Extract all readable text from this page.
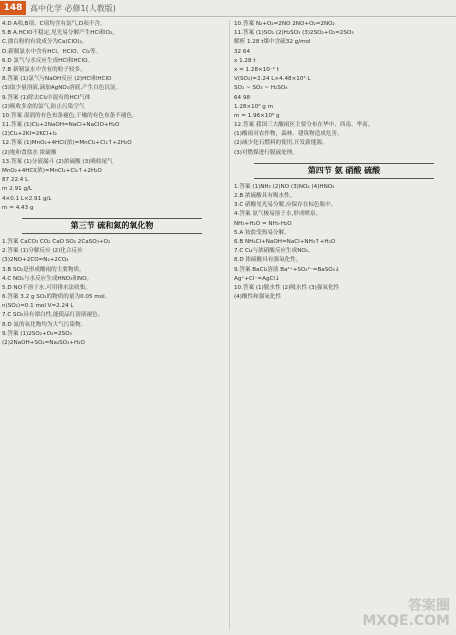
148 高中化学 必修1(人教版)
4.D A项,B项、C项均含有氯气,D项不含。
5.B A.HClO不稳定,见光易分解产生HCl和O₂。
C.漂白粉的有效成分为Ca(ClO)₂。
D.新制氯水中含有HCl、HClO、Cl₂等。
6.D 氯气与水反应生成HCl和HClO。
7.B 新制氯水中含有的粒子较多。
8.答案 (1)氯气与NaOH反应 (2)HCl和HClO
(3)取少量溶液,滴加AgNO₃溶液,产生白色沉淀。
9.答案 (1)除去Cl₂中混有的HCl气体
(2)吸收多余的氯气,防止污染空气
10.答案 湿润的有色布条褪色,干燥的有色布条不褪色。
11.答案 (1)Cl₂+2NaOH=NaCl+NaClO+H₂O
(2)Cl₂+2KI=2KCl+I₂
12.答案 (1)MnO₂+4HCl(浓)=MnCl₂+Cl₂↑+2H₂O
(2)饱和食盐水 浓硫酸
13.答案 (1)分液漏斗 (2)浓硫酸 (3)吸收尾气
MnO₂+4HCl(浓)=MnCl₂+Cl₂↑+2H₂O
87 22.4 L
m 2.91 g/L
4×0.1 L×2.91 g/L
m = 4.43 g
第三节 硫和氮的氧化物
1.答案 CaCO₃ CO₂ CaO SO₂ 2CaSO₃+O₂
2.答案 (1)分解反应 (2)化合反应
(3)2NO+2CO=N₂+2CO₂
3.B SO₂是形成酸雨的主要物质。
4.C NO₂与水反应生成HNO₃和NO。
5.D NO不溶于水,可用排水法收集。
6.答案 3.2 g SO₂的物质的量为0.05 mol。
n(SO₂)=0.1 mol V=2.24 L
7.C SO₂具有漂白性,能使品红溶液褪色。
8.D 氮的氧化物均为大气污染物。
9.答案 (1)2SO₂+O₂=2SO₃
(2)2NaOH+SO₂=Na₂SO₃+H₂O
10.答案 N₂+O₂=2NO 2NO+O₂=2NO₂
11.答案 (1)SO₂ (2)H₂SO₃ (3)2SO₂+O₂=2SO₃
解析 1.28 t煤中含硫32 g/mol
32 64
x 1.28 t
x = 1.28×10⁻² t
V(SO₂)=2.24 L×4.48×10³ L
SO₂ ~ SO₃ ~ H₂SO₄
64 98
1.28×10⁶ g m
m = 1.96×10⁶ g
12.答案 我国三大酸雨区主要分布在华中、西南、华南。
(1)酸雨对农作物、森林、建筑物造成危害。
(2)减少化石燃料的使用,开发新能源。
(3)对燃煤进行脱硫处理。
第四节 氨 硝酸 硫酸
1.答案 (1)NH₃ (2)NO (3)NO₂ (4)HNO₃
2.B 浓硫酸具有吸水性。
3.C 硝酸见光易分解,应保存在棕色瓶中。
4.答案 氨气极易溶于水,形成喷泉。
NH₃+H₂O = NH₃·H₂O
5.A 铵盐受热易分解。
6.B NH₄Cl+NaOH=NaCl+NH₃↑+H₂O
7.C Cu与浓硝酸反应生成NO₂。
8.D 浓硫酸具有强氧化性。
9.答案 BaCl₂溶液 Ba²⁺+SO₄²⁻=BaSO₄↓
Ag⁺+Cl⁻=AgCl↓
10.答案 (1)脱水性 (2)吸水性 (3)强氧化性
(4)酸性和强氧化性
答案圈
MXQE.COM
